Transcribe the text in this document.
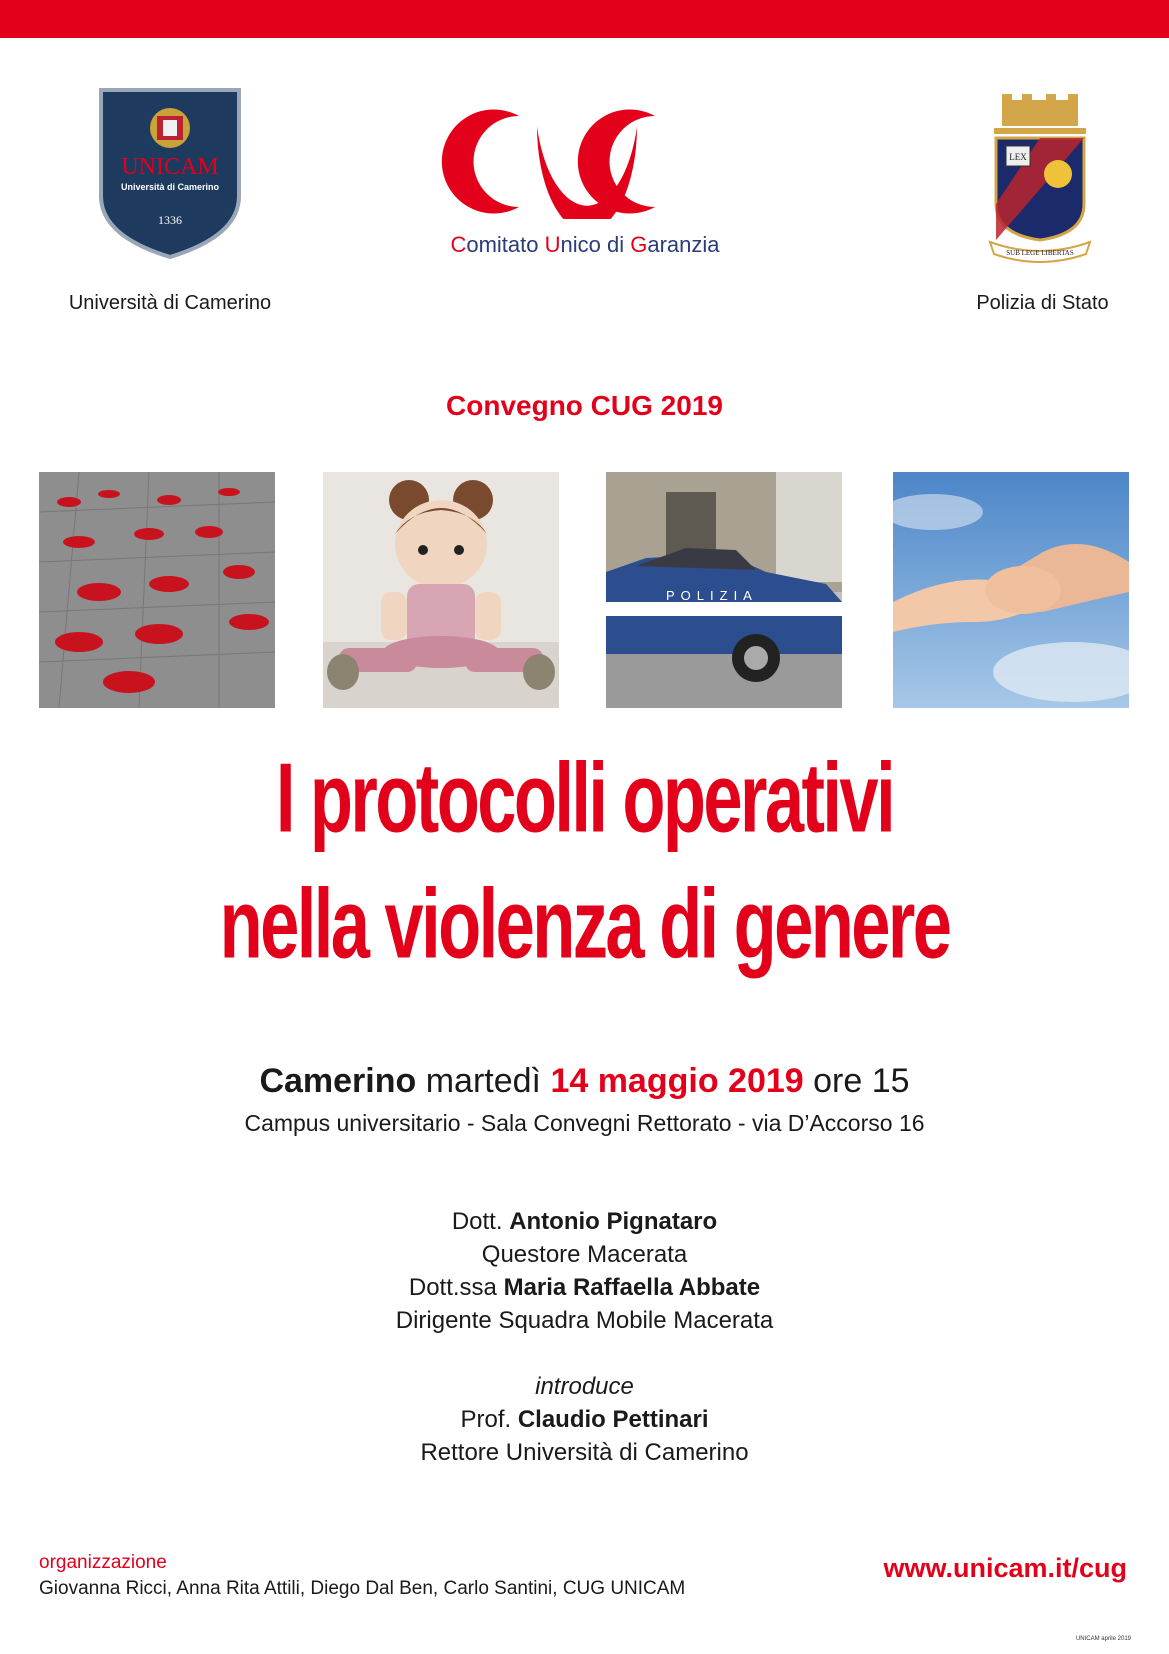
UNICAM
Università di Camerino
1336
Università di Camerino
Comitato Unico di Garanzia
LEX
SUB LEGE LIBERTAS
Polizia di Stato
Convegno CUG 2019
POLIZIA
I protocolli operativi
nella violenza di genere
Camerino martedì 14 maggio 2019 ore 15
Campus universitario - Sala Convegni Rettorato - via D’Accorso 16
Dott. Antonio Pignataro
Questore Macerata
Dott.ssa Maria Raffaella Abbate
Dirigente Squadra Mobile Macerata
introduce
Prof. Claudio Pettinari
Rettore Università di Camerino
organizzazione
Giovanna Ricci, Anna Rita Attili, Diego Dal Ben, Carlo Santini, CUG UNICAM
www.unicam.it/cug
UNICAM aprile 2019
